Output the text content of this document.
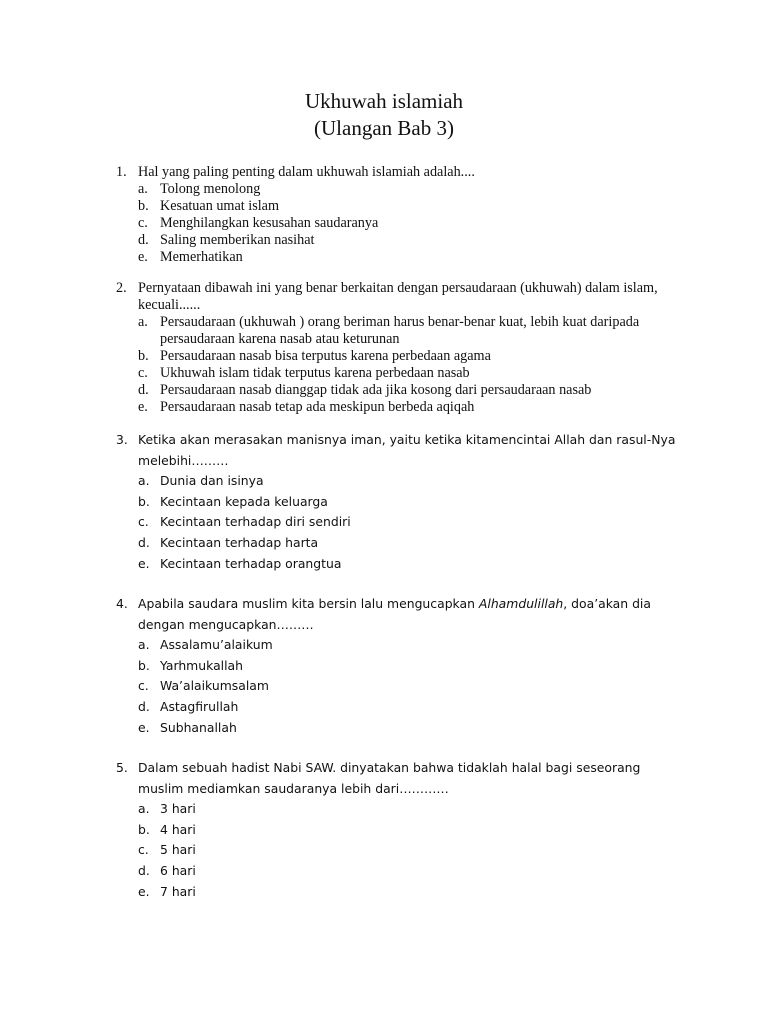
Ukhuwah islamiah
(Ulangan Bab 3)
1. Hal yang paling penting dalam ukhuwah islamiah adalah....
a. Tolong menolong
b. Kesatuan umat islam
c. Menghilangkan kesusahan saudaranya
d. Saling memberikan nasihat
e. Memerhatikan
2. Pernyataan dibawah ini yang benar berkaitan dengan persaudaraan (ukhuwah) dalam islam, kecuali......
a. Persaudaraan (ukhuwah ) orang beriman harus benar-benar kuat, lebih kuat daripada persaudaraan karena nasab atau keturunan
b. Persaudaraan nasab bisa terputus karena perbedaan agama
c. Ukhuwah islam tidak terputus karena perbedaan nasab
d. Persaudaraan nasab dianggap tidak ada jika kosong dari persaudaraan nasab
e. Persaudaraan nasab tetap ada meskipun berbeda aqiqah
3. Ketika akan merasakan manisnya iman, yaitu ketika kitamencintai Allah dan rasul-Nya melebihi………
a. Dunia dan isinya
b. Kecintaan kepada keluarga
c. Kecintaan terhadap diri sendiri
d. Kecintaan terhadap harta
e. Kecintaan terhadap orangtua
4. Apabila saudara muslim kita bersin lalu mengucapkan Alhamdulillah, doa’akan dia dengan mengucapkan………
a. Assalamu’alaikum
b. Yarhmukallah
c. Wa’alaikumsalam
d. Astagfirullah
e. Subhanallah
5. Dalam sebuah hadist Nabi SAW. dinyatakan bahwa tidaklah halal bagi seseorang muslim mediamkan saudaranya lebih dari…………
a. 3 hari
b. 4 hari
c. 5 hari
d. 6 hari
e. 7 hari
